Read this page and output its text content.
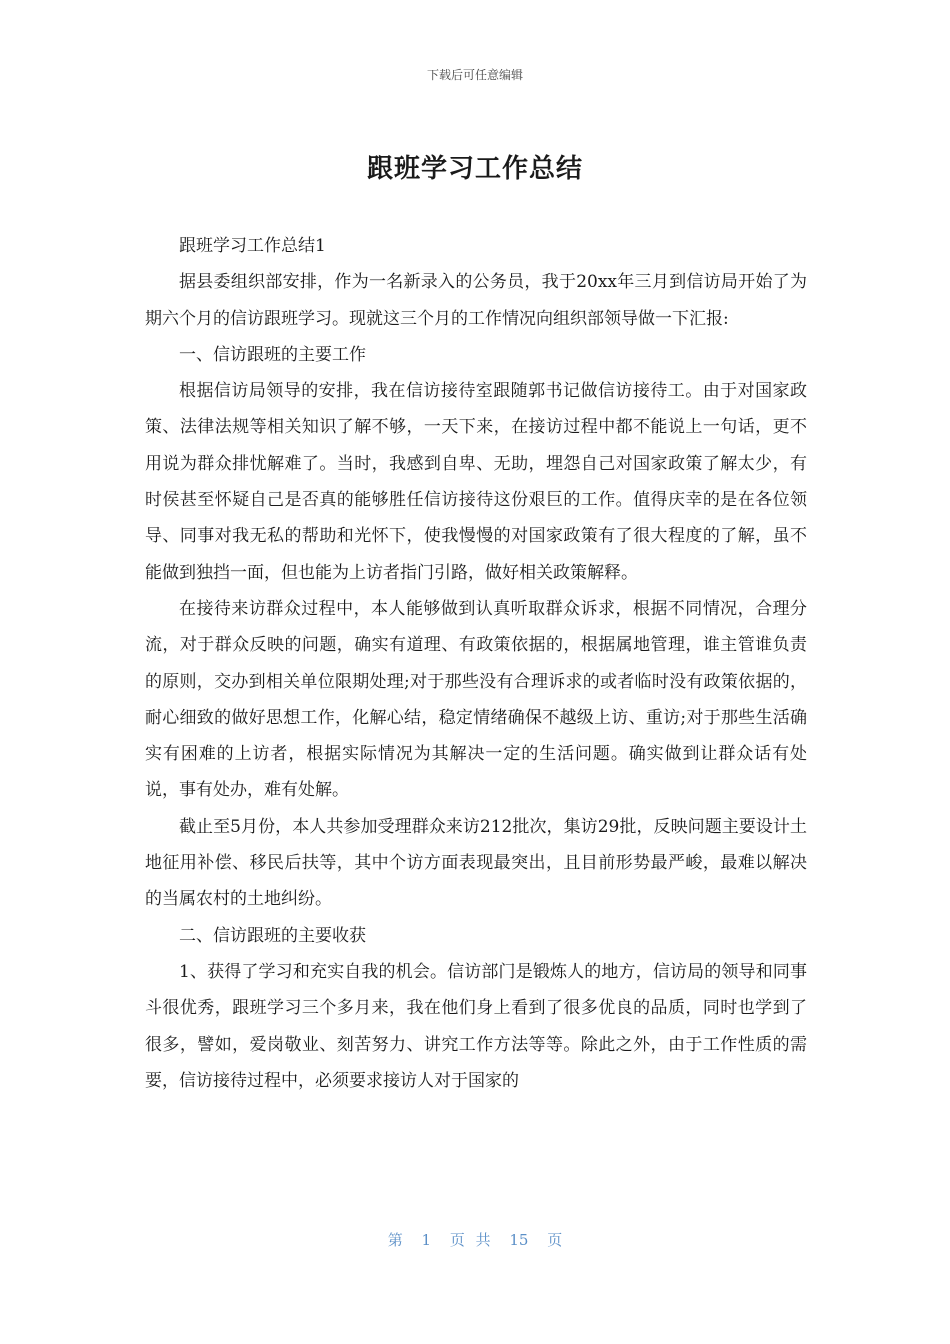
下载后可任意编辑
跟班学习工作总结

跟班学习工作总结1

据县委组织部安排，作为一名新录入的公务员，我于20xx年三月到信访局开始了为期六个月的信访跟班学习。现就这三个月的工作情况向组织部领导做一下汇报:

一、信访跟班的主要工作

根据信访局领导的安排，我在信访接待室跟随郭书记做信访接待工。由于对国家政策、法律法规等相关知识了解不够，一天下来，在接访过程中都不能说上一句话，更不用说为群众排忧解难了。当时，我感到自卑、无助，埋怨自己对国家政策了解太少，有时侯甚至怀疑自己是否真的能够胜任信访接待这份艰巨的工作。值得庆幸的是在各位领导、同事对我无私的帮助和光怀下，使我慢慢的对国家政策有了很大程度的了解，虽不能做到独挡一面，但也能为上访者指门引路，做好相关政策解释。

在接待来访群众过程中，本人能够做到认真听取群众诉求，根据不同情况，合理分流，对于群众反映的问题，确实有道理、有政策依据的，根据属地管理，谁主管谁负责的原则，交办到相关单位限期处理;对于那些没有合理诉求的或者临时没有政策依据的，耐心细致的做好思想工作，化解心结，稳定情绪确保不越级上访、重访;对于那些生活确实有困难的上访者，根据实际情况为其解决一定的生活问题。确实做到让群众话有处说，事有处办，难有处解。

截止至5月份，本人共参加受理群众来访212批次，集访29批，反映问题主要设计土地征用补偿、移民后扶等，其中个访方面表现最突出，且目前形势最严峻，最难以解决的当属农村的土地纠纷。

二、信访跟班的主要收获

1、获得了学习和充实自我的机会。信访部门是锻炼人的地方，信访局的领导和同事斗很优秀，跟班学习三个多月来，我在他们身上看到了很多优良的品质，同时也学到了很多，譬如，爱岗敬业、刻苦努力、讲究工作方法等等。除此之外，由于工作性质的需要，信访接待过程中，必须要求接访人对于国家的

第 1 页 共 15 页
